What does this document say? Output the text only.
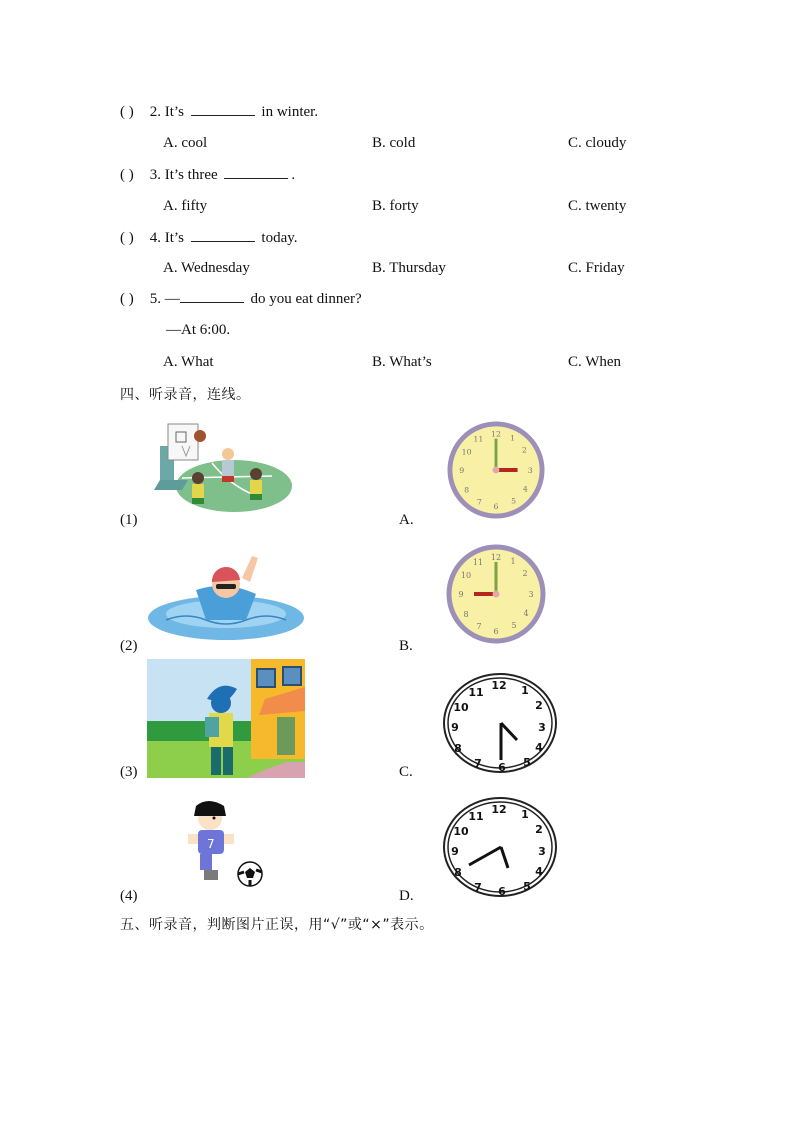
( ) 2. It’s	in winter.
A. cool	B. cold	C. cloudy
( ) 3. It’s three	.
A. fifty	B. forty	C. twenty
( ) 4. It’s	today.
A. Wednesday	B. Thursday	C. Friday
( ) 5. —	do you eat dinner?
—At 6:00.
A. What	B. What’s	C. When
四、听录音，连线。
(1)
(2)
(3)
(4)
A.
B.
C.
D.
7
12 1
2
3
4
5
6
7
8
9
10
11
12 1
2
3
4
5
6
7
8
9
10
11
12 1
2
3
4
5
6
7
8
9
10
11
12 1
2
3
4
5
6
7
8
9
10
11
五、听录音，判断图片正误，用“√”或“×”表示。
